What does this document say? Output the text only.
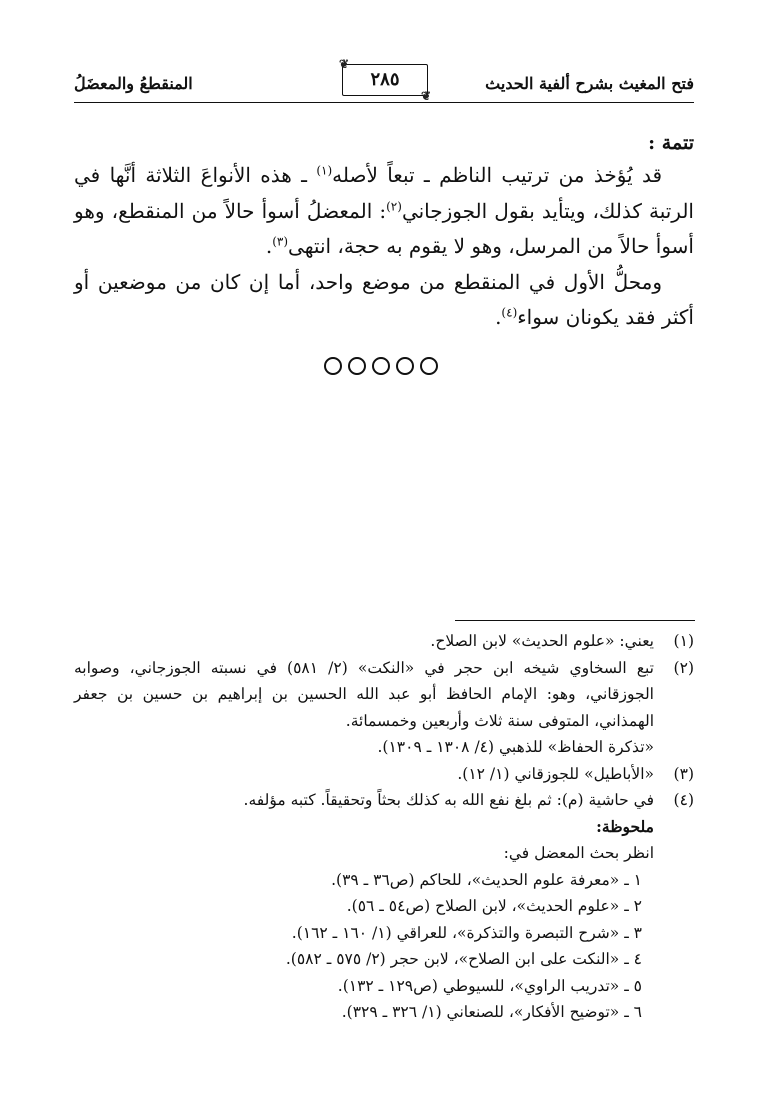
فتح المغيث بشرح ألفية الحديث
❦
٢٨٥
❦
المنقطعُ والمعضَلُ

تتمة :

قد يُؤخذ من ترتيب الناظم ـ تبعاً لأصله$^{(١)}$ ـ هذه الأنواعَ الثلاثة أنَّها في الرتبة كذلك، ويتأيد بقول الجوزجاني$^{(٢)}$: المعضلُ أسوأ حالاً من المنقطع، وهو أسوأ حالاً من المرسل، وهو لا يقوم به حجة، انتهى$^{(٣)}$.

ومحلُّ الأول في المنقطع من موضع واحد، أما إن كان من موضعين أو أكثر فقد يكونان سواء$^{(٤)}$.

(١)
يعني: «علوم الحديث» لابن الصلاح.
(٢)
تبع السخاوي شيخه ابن حجر في «النكت» (٢/ ٥٨١) في نسبته الجوزجاني، وصوابه الجوزقاني، وهو: الإمام الحافظ أبو عبد الله الحسين بن إبراهيم بن حسين بن جعفر الهمذاني، المتوفى سنة ثلاث وأربعين وخمسمائة.
«تذكرة الحفاظ» للذهبي (٤/ ١٣٠٨ ـ ١٣٠٩).
(٣)
«الأباطيل» للجوزقاني (١/ ١٢).
(٤)
في حاشية (م): ثم بلغ نفع الله به كذلك بحثاً وتحقيقاً. كتبه مؤلفه.
ملحوظة:
انظر بحث المعضل في:
١ ـ «معرفة علوم الحديث»، للحاكم (ص٣٦ ـ ٣٩).
٢ ـ «علوم الحديث»، لابن الصلاح (ص٥٤ ـ ٥٦).
٣ ـ «شرح التبصرة والتذكرة»، للعراقي (١/ ١٦٠ ـ ١٦٢).
٤ ـ «النكت على ابن الصلاح»، لابن حجر (٢/ ٥٧٥ ـ ٥٨٢).
٥ ـ «تدريب الراوي»، للسيوطي (ص١٢٩ ـ ١٣٢).
٦ ـ «توضيح الأفكار»، للصنعاني (١/ ٣٢٦ ـ ٣٢٩).
